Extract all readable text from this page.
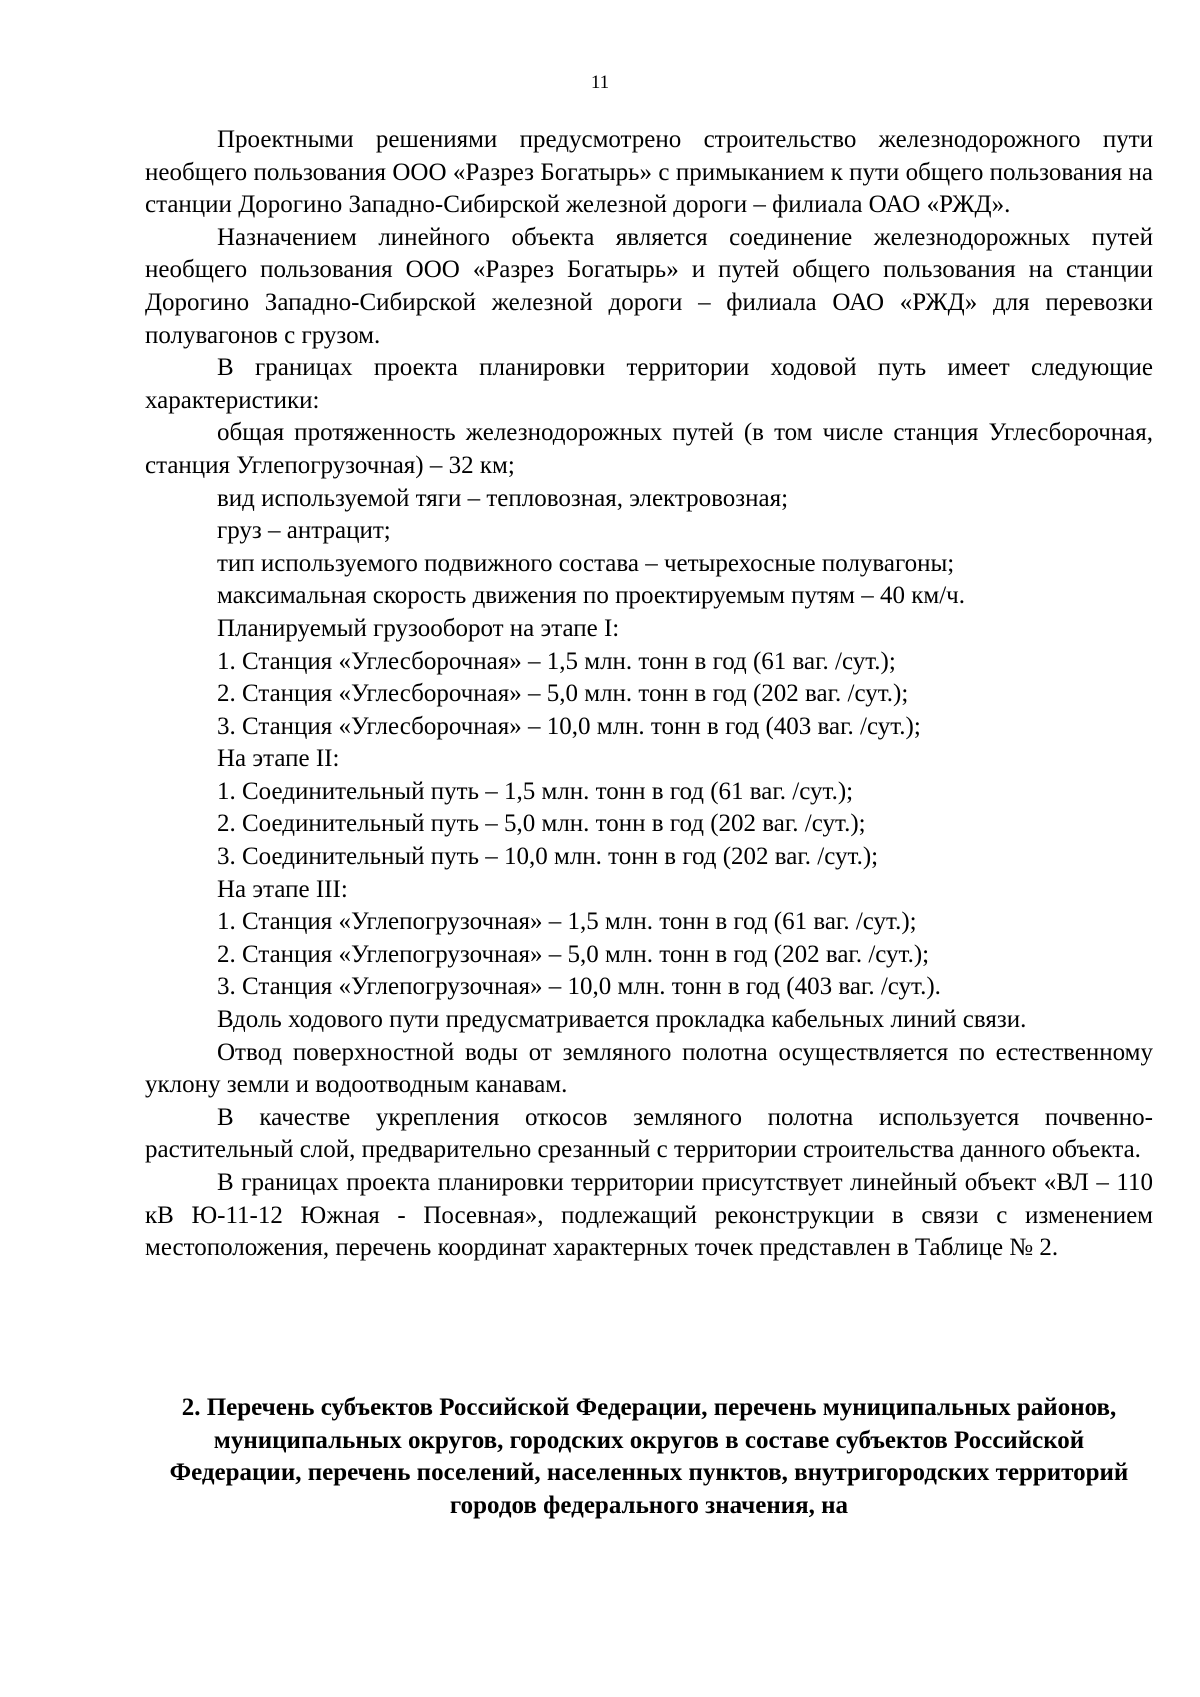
11

Проектными решениями предусмотрено строительство железнодорожного пути необщего пользования ООО «Разрез Богатырь» с примыканием к пути общего пользования на станции Дорогино Западно-Сибирской железной дороги – филиала ОАО «РЖД».

Назначением линейного объекта является соединение железнодорожных путей необщего пользования ООО «Разрез Богатырь» и путей общего пользования на станции Дорогино Западно-Сибирской железной дороги – филиала ОАО «РЖД» для перевозки полувагонов с грузом.

В границах проекта планировки территории ходовой путь имеет следующие характеристики:

общая протяженность железнодорожных путей (в том числе станция Углесборочная, станция Углепогрузочная) – 32 км;

вид используемой тяги – тепловозная, электровозная;

груз – антрацит;

тип используемого подвижного состава – четырехосные полувагоны;

максимальная скорость движения по проектируемым путям – 40 км/ч.

Планируемый грузооборот на этапе I:

1. Станция «Углесборочная» – 1,5 млн. тонн в год (61 ваг. /сут.);

2. Станция «Углесборочная» – 5,0 млн. тонн в год (202 ваг. /сут.);

3. Станция «Углесборочная» – 10,0 млн. тонн в год (403 ваг. /сут.);

На этапе II:

1. Соединительный путь – 1,5 млн. тонн в год (61 ваг. /сут.);

2. Соединительный путь – 5,0 млн. тонн в год (202 ваг. /сут.);

3. Соединительный путь – 10,0 млн. тонн в год (202 ваг. /сут.);

На этапе III:

1. Станция «Углепогрузочная» – 1,5 млн. тонн в год (61 ваг. /сут.);

2. Станция «Углепогрузочная» – 5,0 млн. тонн в год (202 ваг. /сут.);

3. Станция «Углепогрузочная» – 10,0 млн. тонн в год (403 ваг. /сут.).

Вдоль ходового пути предусматривается прокладка кабельных линий связи.

Отвод поверхностной воды от земляного полотна осуществляется по естественному уклону земли и водоотводным канавам.

В качестве укрепления откосов земляного полотна используется почвенно-растительный слой, предварительно срезанный с территории строительства данного объекта.

В границах проекта планировки территории присутствует линейный объект «ВЛ – 110 кВ Ю-11-12 Южная - Посевная», подлежащий реконструкции в связи с изменением местоположения, перечень координат характерных точек представлен в Таблице № 2.

2. Перечень субъектов Российской Федерации, перечень муниципальных районов, муниципальных округов, городских округов в составе субъектов Российской Федерации, перечень поселений, населенных пунктов, внутригородских территорий городов федерального значения, на
